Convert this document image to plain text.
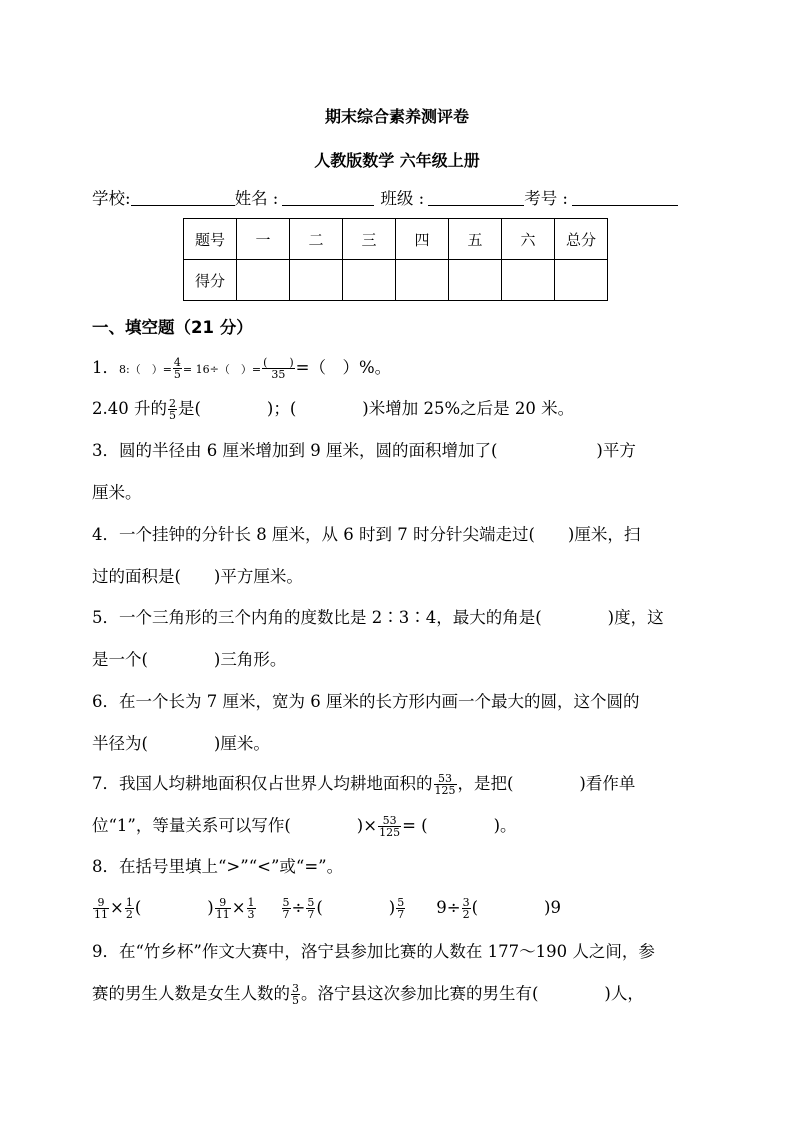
期末综合素养测评卷
人教版数学 六年级上册
学校:	姓名 :	班级 :	考号 :
题号	一	二	三	四	五	六	总分
得分							
一、填空题（21 分）
1．8:（　）= $\frac{4}{5} = 16\div$（　）= $\frac{( )}{35}$ =（　）%。
2.40 升的 $\frac{2}{5}$ 是(　　　　)；(　　　　)米增加 25%之后是 20 米。
3．圆的半径由 6 厘米增加到 9 厘米，圆的面积增加了(　　　　　　)平方
厘米。
4．一个挂钟的分针长 8 厘米，从 6 时到 7 时分针尖端走过(　　)厘米，扫
过的面积是(　　)平方厘米。
5．一个三角形的三个内角的度数比是 2∶3∶4，最大的角是(　　　　)度，这
是一个(　　　　)三角形。
6．在一个长为 7 厘米，宽为 6 厘米的长方形内画一个最大的圆，这个圆的
半径为(　　　　)厘米。
7．我国人均耕地面积仅占世界人均耕地面积的 $\frac{53}{125}$ ，是把(　　　　)看作单
位“1”，等量关系可以写作(　　　　)× $\frac{53}{125}$ = (　　　　)。
8．在括号里填上“>”“<”或“=”。
$\frac{9}{11} \times \frac{1}{2}$ (　　　　) $\frac{9}{11} \times \frac{1}{3} \frac{5}{7} \div \frac{5}{7}$ (　　　　) $\frac{5}{7} 9\div \frac{3}{2}$ (　　　　)9
9．在“竹乡杯”作文大赛中，洛宁县参加比赛的人数在 177～190 人之间，参
赛的男生人数是女生人数的 $\frac{3}{5}$ 。洛宁县这次参加比赛的男生有(　　　　)人，
